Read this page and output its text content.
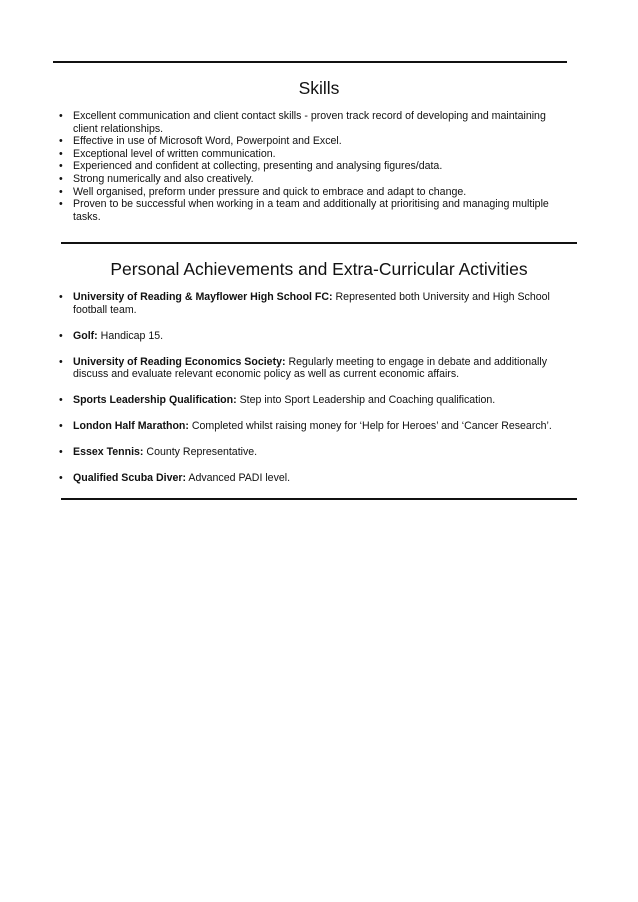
Skills
• Excellent communication and client contact skills - proven track record of developing and maintaining client relationships.
• Effective in use of Microsoft Word, Powerpoint and Excel.
• Exceptional level of written communication.
• Experienced and confident at collecting, presenting and analysing figures/data.
• Strong numerically and also creatively.
• Well organised, preform under pressure and quick to embrace and adapt to change.
• Proven to be successful when working in a team and additionally at prioritising and managing multiple tasks.
Personal Achievements and Extra-Curricular Activities
• University of Reading & Mayflower High School FC: Represented both University and High School football team.
• Golf: Handicap 15.
• University of Reading Economics Society: Regularly meeting to engage in debate and additionally discuss and evaluate relevant economic policy as well as current economic affairs.
• Sports Leadership Qualification: Step into Sport Leadership and Coaching qualification.
• London Half Marathon: Completed whilst raising money for ‘Help for Heroes’ and ‘Cancer Research’.
• Essex Tennis: County Representative.
• Qualified Scuba Diver: Advanced PADI level.
